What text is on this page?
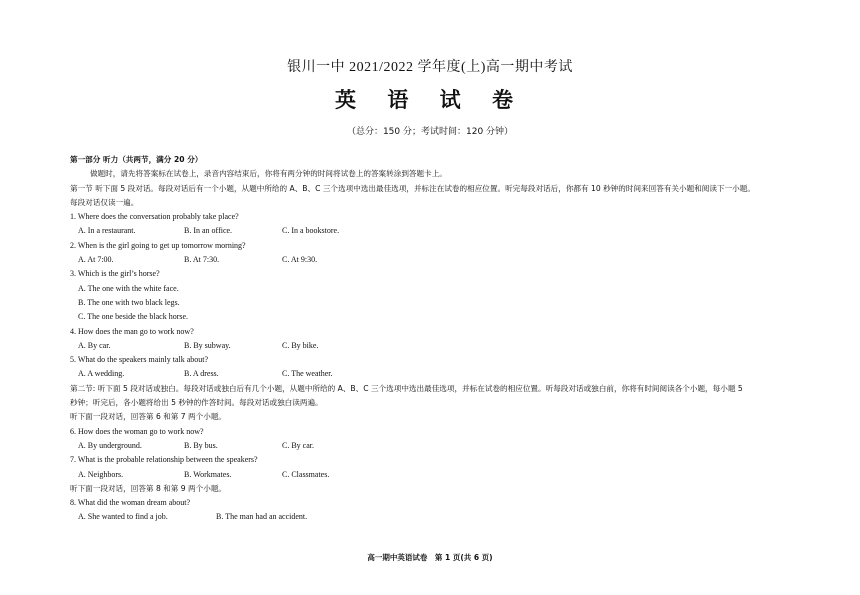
银川一中 2021/2022 学年度(上)高一期中考试
英 语 试 卷
（总分：150 分；考试时间：120 分钟）
第一部分 听力（共两节，满分 20 分）
做题时，请先将答案标在试卷上，录音内容结束后，你将有两分钟的时间将试卷上的答案转涂到答题卡上。
第一节 听下面 5 段对话。每段对话后有一个小题，从题中所给的 A、B、C 三个选项中选出最佳选项，并标注在试卷的相应位置。听完每段对话后，你都有 10 秒钟的时间来回答有关小题和阅读下一小题。
每段对话仅读一遍。
1. Where does the conversation probably take place?
A. In a restaurant.	B. In an office.	C. In a bookstore.
2. When is the girl going to get up tomorrow morning?
A. At 7:00.	B. At 7:30.	C. At 9:30.
3. Which is the girl’s horse?
A. The one with the white face.
B. The one with two black legs.
C. The one beside the black horse.
4. How does the man go to work now?
A. By car.	B. By subway.	C. By bike.
5. What do the speakers mainly talk about?
A. A wedding.	B. A dress.	C. The weather.
第二节: 听下面 5 段对话或独白。每段对话或独白后有几个小题，从题中所给的 A、B、C 三个选项中选出最佳选项，并标在试卷的相应位置。听每段对话或独白前，你将有时间阅读各个小题，每小题 5
秒钟；听完后，各小题将给出 5 秒钟的作答时间。每段对话或独白读两遍。
听下面一段对话，回答第 6 和第 7 两个小题。
6. How does the woman go to work now?
A. By underground.	B. By bus.	C. By car.
7. What is the probable relationship between the speakers?
A. Neighbors.	B. Workmates.	C. Classmates.
听下面一段对话，回答第 8 和第 9 两个小题。
8. What did the woman dream about?
A. She wanted to find a job.	B. The man had an accident.
高一期中英语试卷　第 1 页(共 6 页)
